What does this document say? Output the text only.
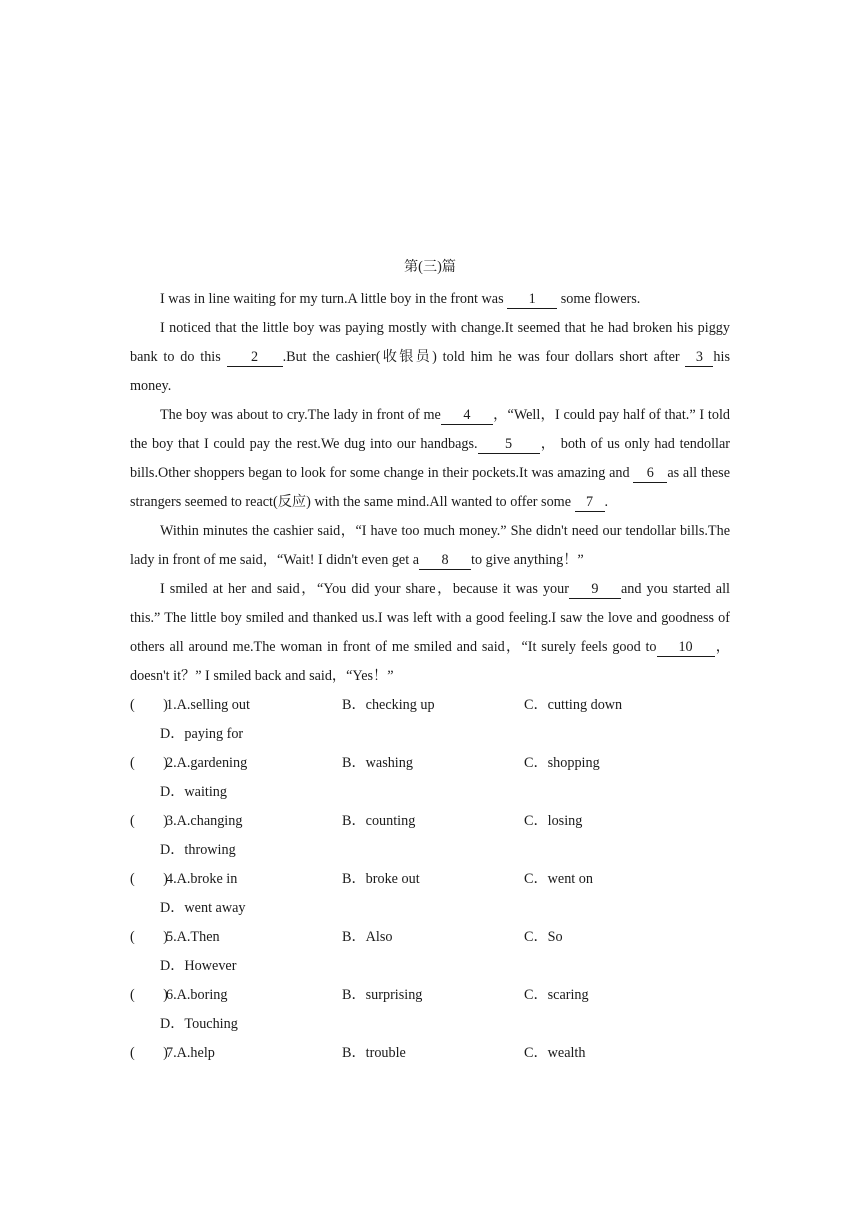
第(三)篇

I was in line waiting for my turn.A little boy in the front was 1 some flowers.

I noticed that the little boy was paying mostly with change.It seemed that he had broken his piggy bank to do this 2 .But the cashier(收银员) told him he was four dollars short after 3 his money.

The boy was about to cry.The lady in front of me 4 ，“Well，I could pay half of that.” I told the boy that I could pay the rest.We dug into our handbags. 5 ， both of us only had tendollar bills.Other shoppers began to look for some change in their pockets.It was amazing and 6 as all these strangers seemed to react(反应) with the same mind.All wanted to offer some 7 .

Within minutes the cashier said，“I have too much money.” She didn't need our tendollar bills.The lady in front of me said，“Wait! I didn't even get a 8 to give anything！”

I smiled at her and said，“You did your share，because it was your 9 and you started all this.” The little boy smiled and thanked us.I was left with a good feeling.I saw the love and goodness of others all around me.The woman in front of me smiled and said，“It surely feels good to 10 ，doesn't it？” I smiled back and said，“Yes！”

(        )
1.A.selling out	B．checking up	C．cutting down
D．paying for
(        )
2.A.gardening	B．washing	C．shopping
D．waiting
(        )
3.A.changing	B．counting	C．losing
D．throwing
(        )
4.A.broke in	B．broke out	C．went on
D．went away
(        )
5.A.Then	B．Also	C．So
D．However
(        )
6.A.boring	B．surprising	C．scaring
D．Touching
(        )
7.A.help	B．trouble	C．wealth
